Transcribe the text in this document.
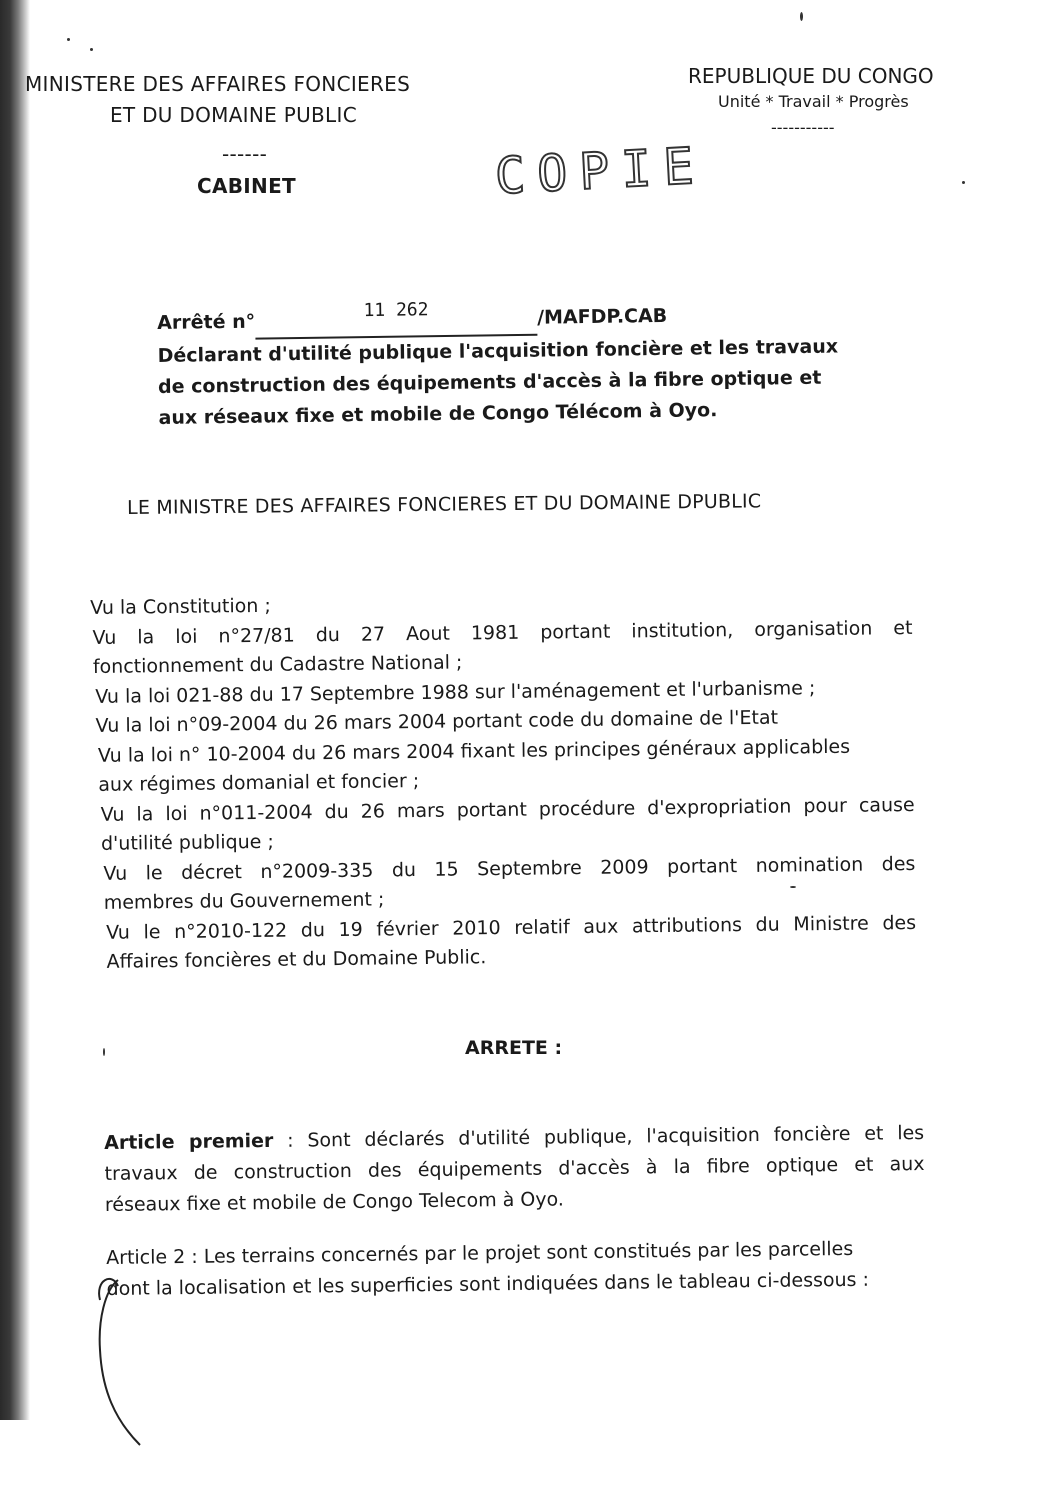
MINISTERE DES AFFAIRES FONCIERES
ET DU DOMAINE PUBLIC
------
CABINET
REPUBLIQUE DU CONGO
Unité * Travail * Progrès
-----------
COPIE
Arrêté n°11 262	/MAFDP.CAB
Déclarant d'utilité publique l'acquisition foncière et les travaux
de construction des équipements d'accès à la fibre optique et
aux réseaux fixe et mobile de Congo Télécom à Oyo.
LE MINISTRE DES AFFAIRES FONCIERES ET DU DOMAINE DPUBLIC

Vu la Constitution ;

Vu la loi n°27/81 du 27 Aout 1981 portant institution, organisation et

fonctionnement du Cadastre National ;

Vu la loi 021-88 du 17 Septembre 1988 sur l'aménagement et l'urbanisme ;

Vu la loi n°09-2004 du 26 mars 2004 portant code du domaine de l'Etat

Vu la loi n° 10-2004 du 26 mars 2004 fixant les principes généraux applicables

aux régimes domanial et foncier ;

Vu la loi n°011-2004 du 26 mars portant procédure d'expropriation pour cause

d'utilité publique ;

Vu le décret n°2009-335 du 15 Septembre 2009 portant nomination des

membres du Gouvernement ;

Vu le n°2010-122 du 19 février 2010 relatif aux attributions du Ministre des

Affaires foncières et du Domaine Public.

ARRETE :

Article premier : Sont déclarés d'utilité publique, l'acquisition foncière et les

travaux de construction des équipements d'accès à la fibre optique et aux

réseaux fixe et mobile de Congo Telecom à Oyo.

Article 2 : Les terrains concernés par le projet sont constitués par les parcelles

dont la localisation et les superficies sont indiquées dans le tableau ci-dessous :
